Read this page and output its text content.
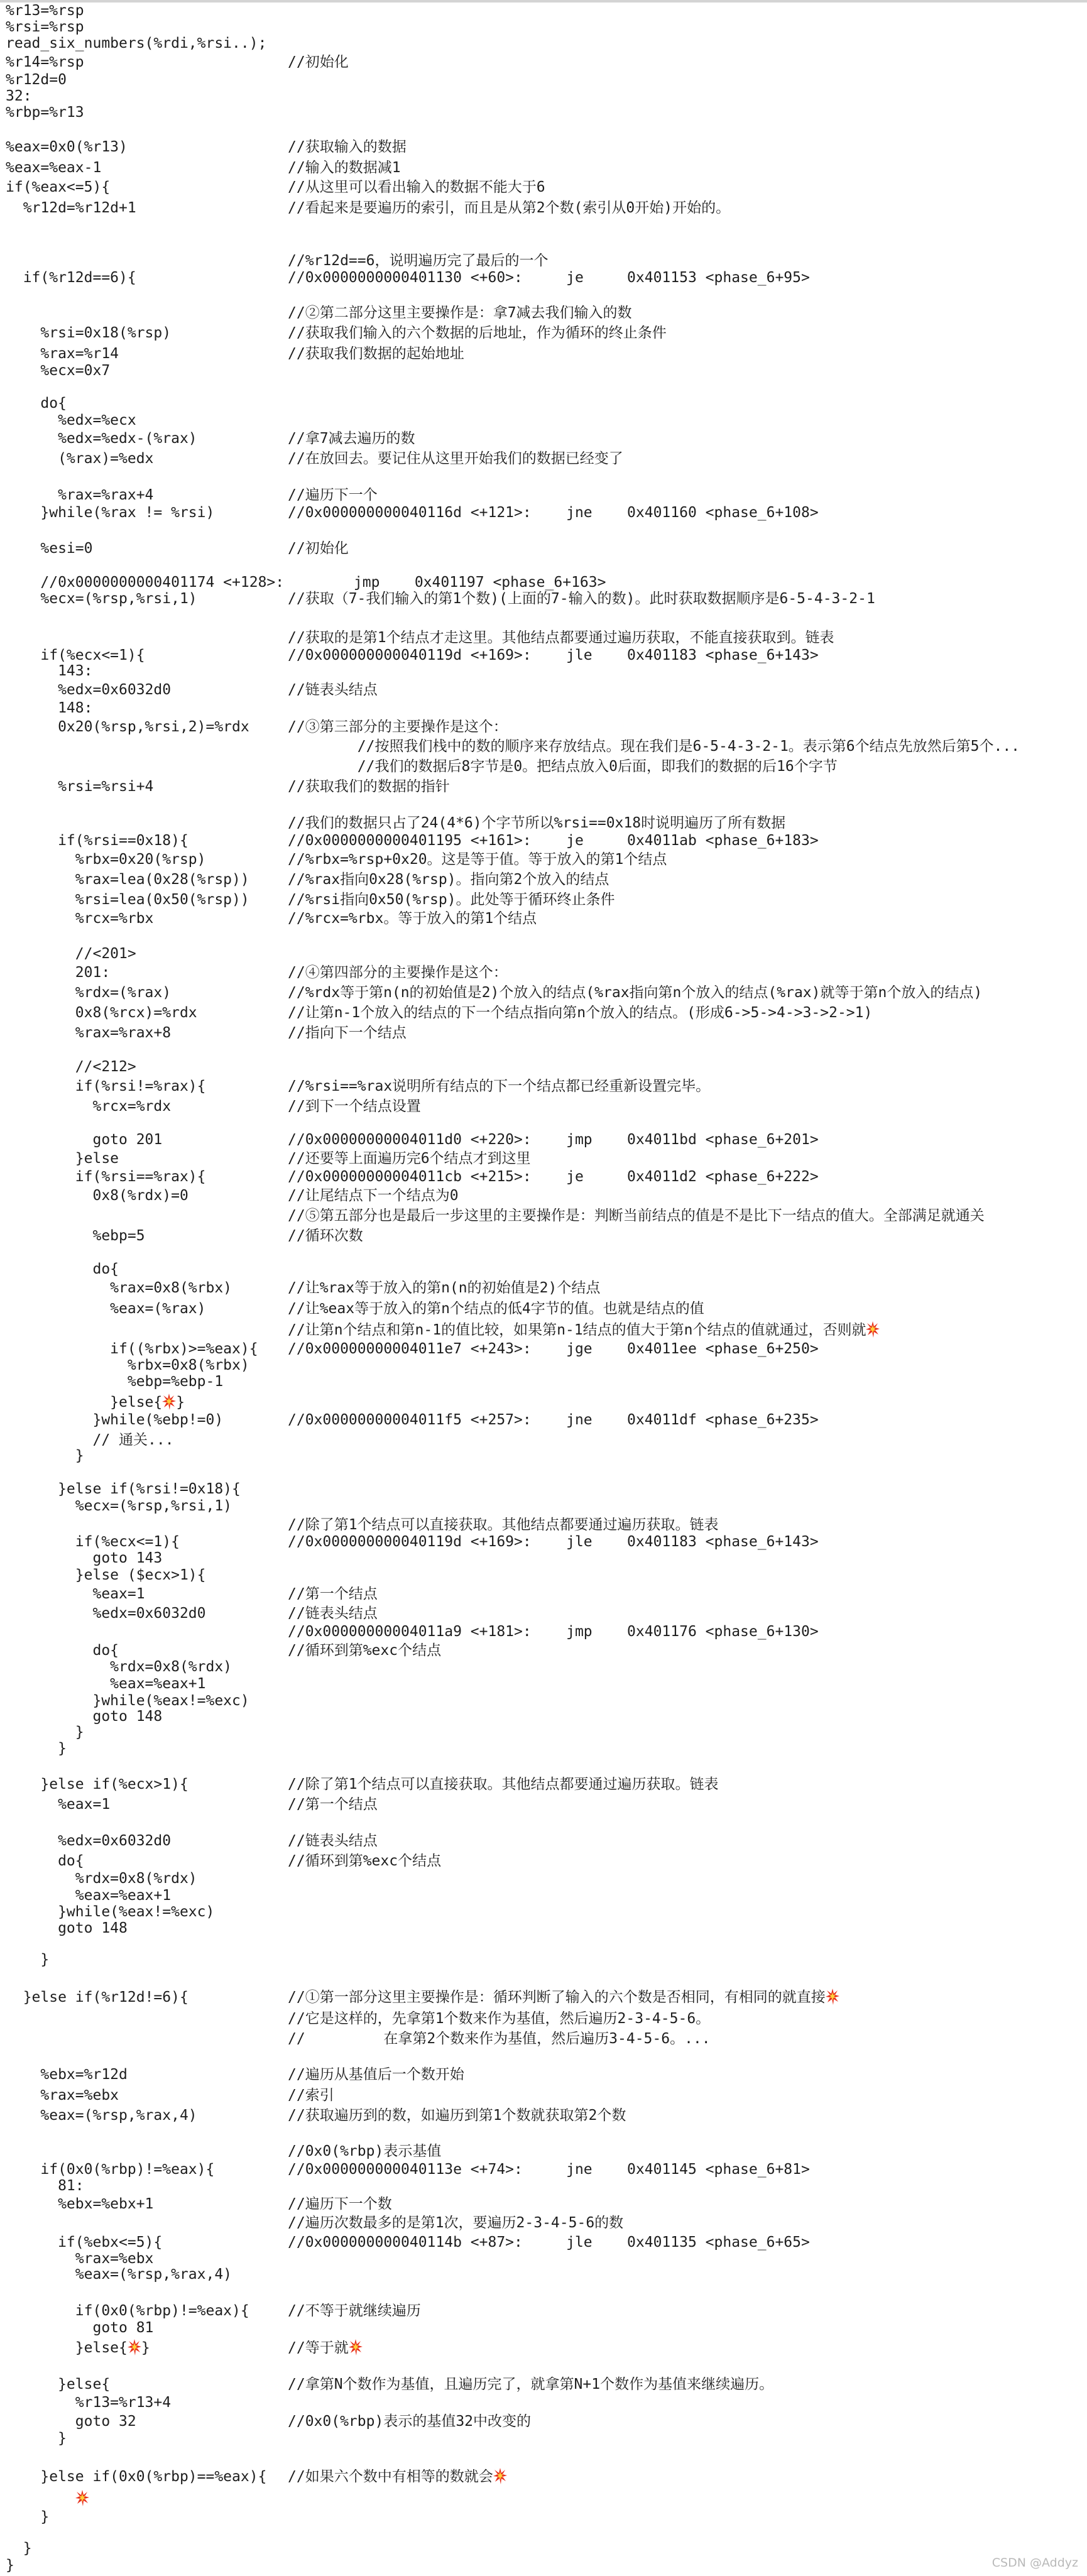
%r13=%rsp
%rsi=%rsp
read_six_numbers(%rdi,%rsi..);
%r14=%rsp	//初始化
%r12d=0
32:
%rbp=%r13
%eax=0x0(%r13)	//获取输入的数据
%eax=%eax-1	//输入的数据减1
if(%eax<=5){	//从这里可以看出输入的数据不能大于6
%r12d=%r12d+1	//看起来是要遍历的索引，而且是从第2个数(索引从0开始)开始的。
//%r12d==6，说明遍历完了最后的一个
if(%r12d==6){	//0x0000000000401130 <+60>:     je     0x401153 <phase_6+95>
//②第二部分这里主要操作是：拿7减去我们输入的数
%rsi=0x18(%rsp)	//获取我们输入的六个数据的后地址，作为循环的终止条件
%rax=%r14	//获取我们数据的起始地址
%ecx=0x7
do{
%edx=%ecx
%edx=%edx-(%rax)	//拿7减去遍历的数
(%rax)=%edx	//在放回去。要记住从这里开始我们的数据已经变了
%rax=%rax+4	//遍历下一个
}while(%rax != %rsi)	//0x000000000040116d <+121>:    jne    0x401160 <phase_6+108>
%esi=0	//初始化
//0x0000000000401174 <+128>:        jmp    0x401197 <phase_6+163>
%ecx=(%rsp,%rsi,1)	//获取（7-我们输入的第1个数)(上面的7-输入的数)。此时获取数据顺序是6-5-4-3-2-1
//获取的是第1个结点才走这里。其他结点都要通过遍历获取，不能直接获取到。链表
if(%ecx<=1){	//0x000000000040119d <+169>:    jle    0x401183 <phase_6+143>
143:
%edx=0x6032d0	//链表头结点
148:
0x20(%rsp,%rsi,2)=%rdx	//③第三部分的主要操作是这个：
//按照我们栈中的数的顺序来存放结点。现在我们是6-5-4-3-2-1。表示第6个结点先放然后第5个...
//我们的数据后8字节是0。把结点放入0后面，即我们的数据的后16个字节
%rsi=%rsi+4	//获取我们的数据的指针
//我们的数据只占了24(4*6)个字节所以%rsi==0x18时说明遍历了所有数据
if(%rsi==0x18){	//0x0000000000401195 <+161>:    je     0x4011ab <phase_6+183>
%rbx=0x20(%rsp)	//%rbx=%rsp+0x20。这是等于值。等于放入的第1个结点
%rax=lea(0x28(%rsp))	//%rax指向0x28(%rsp)。指向第2个放入的结点
%rsi=lea(0x50(%rsp))	//%rsi指向0x50(%rsp)。此处等于循环终止条件
%rcx=%rbx	//%rcx=%rbx。等于放入的第1个结点
//<201>
201:	//④第四部分的主要操作是这个：
%rdx=(%rax)	//%rdx等于第n(n的初始值是2)个放入的结点(%rax指向第n个放入的结点(%rax)就等于第n个放入的结点)
0x8(%rcx)=%rdx	//让第n-1个放入的结点的下一个结点指向第n个放入的结点。(形成6->5->4->3->2->1)
%rax=%rax+8	//指向下一个结点
//<212>
if(%rsi!=%rax){	//%rsi==%rax说明所有结点的下一个结点都已经重新设置完毕。
%rcx=%rdx	//到下一个结点设置
goto 201	//0x00000000004011d0 <+220>:    jmp    0x4011bd <phase_6+201>
}else	//还要等上面遍历完6个结点才到这里
if(%rsi==%rax){	//0x00000000004011cb <+215>:    je     0x4011d2 <phase_6+222>
0x8(%rdx)=0	//让尾结点下一个结点为0
//⑤第五部分也是最后一步这里的主要操作是：判断当前结点的值是不是比下一结点的值大。全部满足就通关
%ebp=5	//循环次数
do{
%rax=0x8(%rbx)	//让%rax等于放入的第n(n的初始值是2)个结点
%eax=(%rax)	//让%eax等于放入的第n个结点的低4字节的值。也就是结点的值
//让第n个结点和第n-1的值比较，如果第n-1结点的值大于第n个结点的值就通过，否则就
if((%rbx)>=%eax){ //0x00000000004011e7 <+243>:    jge    0x4011ee <phase_6+250>
%rbx=0x8(%rbx)
%ebp=%ebp-1
}else{ }
}while(%ebp!=0)	//0x00000000004011f5 <+257>:    jne    0x4011df <phase_6+235>
// 通关...
}
}else if(%rsi!=0x18){
%ecx=(%rsp,%rsi,1)
//除了第1个结点可以直接获取。其他结点都要通过遍历获取。链表
if(%ecx<=1){	//0x000000000040119d <+169>:    jle    0x401183 <phase_6+143>
goto 143
}else ($ecx>1){
%eax=1	//第一个结点
%edx=0x6032d0	//链表头结点
//0x00000000004011a9 <+181>:    jmp    0x401176 <phase_6+130>
do{	//循环到第%exc个结点
%rdx=0x8(%rdx)
%eax=%eax+1
}while(%eax!=%exc)
goto 148
}
}
}else if(%ecx>1){	//除了第1个结点可以直接获取。其他结点都要通过遍历获取。链表
%eax=1	//第一个结点
%edx=0x6032d0	//链表头结点
do{	//循环到第%exc个结点
%rdx=0x8(%rdx)
%eax=%eax+1
}while(%eax!=%exc)
goto 148
}
}else if(%r12d!=6){	//①第一部分这里主要操作是：循环判断了输入的六个数是否相同，有相同的就直接
//它是这样的，先拿第1个数来作为基值，然后遍历2-3-4-5-6。
//         在拿第2个数来作为基值，然后遍历3-4-5-6。...
%ebx=%r12d	//遍历从基值后一个数开始
%rax=%ebx	//索引
%eax=(%rsp,%rax,4)	//获取遍历到的数，如遍历到第1个数就获取第2个数
//0x0(%rbp)表示基值
if(0x0(%rbp)!=%eax){	//0x000000000040113e <+74>:     jne    0x401145 <phase_6+81>
81:
%ebx=%ebx+1	//遍历下一个数
//遍历次数最多的是第1次，要遍历2-3-4-5-6的数
if(%ebx<=5){	//0x000000000040114b <+87>:     jle    0x401135 <phase_6+65>
%rax=%ebx
%eax=(%rsp,%rax,4)
if(0x0(%rbp)!=%eax){	//不等于就继续遍历
goto 81
}else{ }	//等于就
}else{	//拿第N个数作为基值，且遍历完了，就拿第N+1个数作为基值来继续遍历。
%r13=%r13+4
goto 32	//0x0(%rbp)表示的基值32中改变的
}
}else if(0x0(%rbp)==%eax){ //如果六个数中有相等的数就会

}
}
}	CSDN @Addyz
